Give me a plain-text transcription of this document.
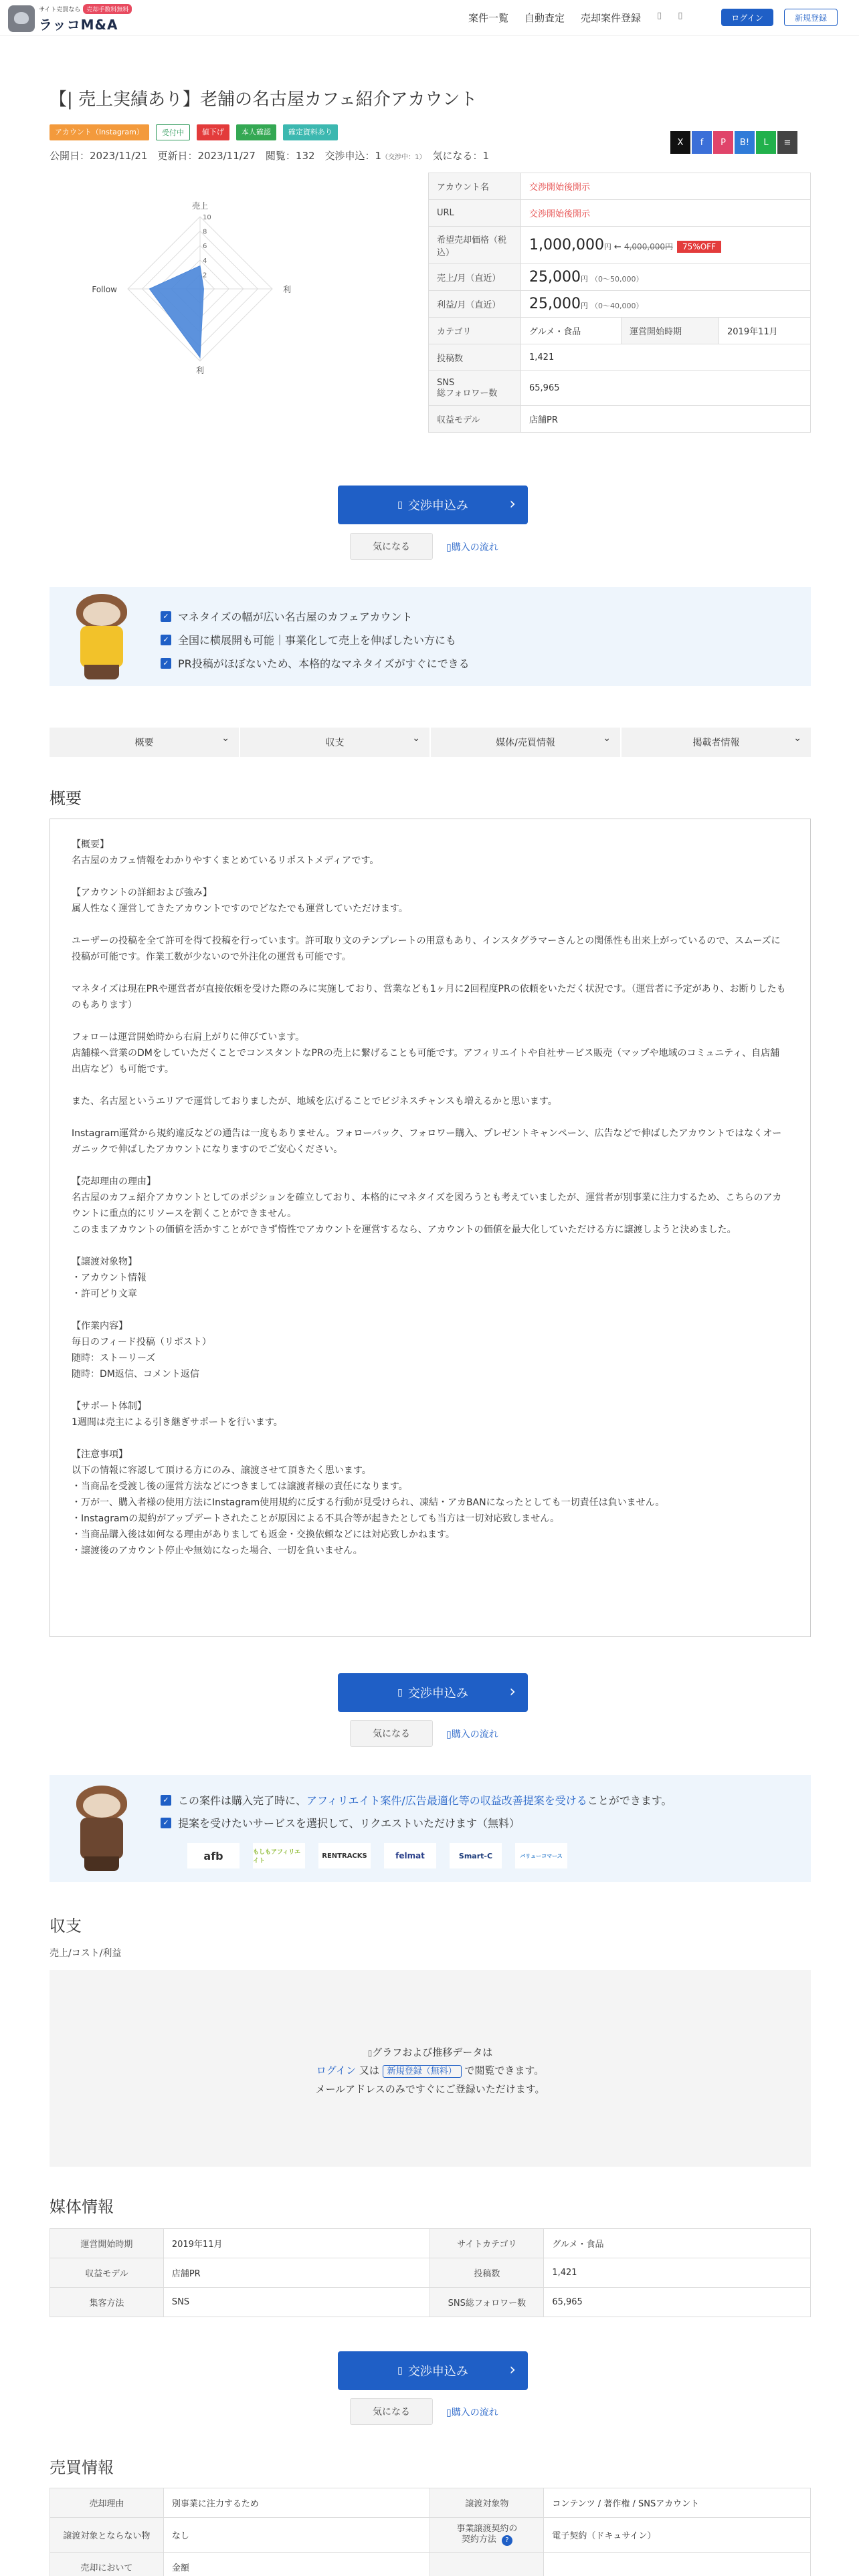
サイト売買なら	売却手数料無料
ラッコM&A	案件一覧 自動査定 売却案件登録 ▯ ▯	ログイン	新規登録
【| 売上実績あり】老舗の名古屋カフェ紹介アカウント
アカウント（Instagram）	受付中	値下げ	本人確認	確定資料あり
公開日：2023/11/21　更新日：2023/11/27　閲覧：132　交渉申込：1（交渉中：1）　気になる：1
X	f	P	B!	L	≡
2
4
6
8
10
売上
利
利
Follow
アカウント名	交渉開始後開示		
URL	交渉開始後開示		
希望売却価格（税込）	1,000,000円 ← 4,000,000円 75%OFF		
売上/月（直近）	25,000円 （0～50,000）		
利益/月（直近）	25,000円 （0～40,000）		
カテゴリ	グルメ・食品	運営開始時期	2019年11月
投稿数	1,421		
SNS
総フォロワー数	65,965		
収益モデル	店舗PR		
▯ 交渉申込み
›
気になる	▯購入の流れ
✓ マネタイズの幅が広い名古屋のカフェアカウント
✓ 全国に横展開も可能｜事業化して売上を伸ばしたい方にも
✓ PR投稿がほぼないため、本格的なマネタイズがすぐにできる
概要 ⌄	収支 ⌄	媒体/売買情報 ⌄	掲載者情報 ⌄
概要

【概要】
名古屋のカフェ情報をわかりやすくまとめているリポストメディアです。

【アカウントの詳細および強み】
属人性なく運営してきたアカウントですのでどなたでも運営していただけます。

ユーザーの投稿を全て許可を得て投稿を行っています。許可取り文のテンプレートの用意もあり、インスタグラマーさんとの関係性も出来上がっているので、スムーズに投稿が可能です。作業工数が少ないので外注化の運営も可能です。

マネタイズは現在PRや運営者が直接依頼を受けた際のみに実施しており、営業なども1ヶ月に2回程度PRの依頼をいただく状況です。（運営者に予定があり、お断りしたものもあります）

フォローは運営開始時から右肩上がりに伸びています。
店舗様へ営業のDMをしていただくことでコンスタントなPRの売上に繋げることも可能です。アフィリエイトや自社サービス販売（マップや地域のコミュニティ、自店舗出店など）も可能です。

また、名古屋というエリアで運営しておりましたが、地域を広げることでビジネスチャンスも増えるかと思います。

Instagram運営から規約違反などの通告は一度もありません。フォローバック、フォロワー購入、プレゼントキャンペーン、広告などで伸ばしたアカウントではなくオーガニックで伸ばしたアカウントになりますのでご安心ください。

【売却理由の理由】
名古屋のカフェ紹介アカウントとしてのポジションを確立しており、本格的にマネタイズを図ろうとも考えていましたが、運営者が別事業に注力するため、こちらのアカウントに重点的にリソースを割くことができません。
このままアカウントの価値を活かすことができず惰性でアカウントを運営するなら、アカウントの価値を最大化していただける方に譲渡しようと決めました。

【譲渡対象物】
・アカウント情報
・許可どり文章

【作業内容】
毎日のフィード投稿（リポスト）
随時：ストーリーズ
随時：DM返信、コメント返信

【サポート体制】
1週間は売主による引き継ぎサポートを行います。

【注意事項】
以下の情報に容認して頂ける方にのみ、譲渡させて頂きたく思います。
・当商品を受渡し後の運営方法などにつきましては譲渡者様の責任になります。
・万が一、購入者様の使用方法にInstagram使用規約に反する行動が見受けられ、凍結・アカBANになったとしても一切責任は負いません。
・Instagramの規約がアップデートされたことが原因による不具合等が起きたとしても当方は一切対応致しません。
・当商品購入後は如何なる理由がありましても返金・交換依頼などには対応致しかねます。
・譲渡後のアカウント停止や無効になった場合、一切を負いません。

▯ 交渉申込み
›
気になる	▯購入の流れ
✓ この案件は購入完了時に、 アフィリエイト案件/広告最適化等の収益改善提案を受ける ことができます。
✓ 提案を受けたいサービスを選択して、リクエストいただけます（無料）
afb	もしもアフィリエイト
RENTRACKS	felmat	Smart-C	バリューコマース
収支
売上/コスト/利益
▯グラフおよび推移データは
ログイン 又は 新規登録（無料） で閲覧できます。
メールアドレスのみですぐにご登録いただけます。
媒体情報
運営開始時期	2019年11月	サイトカテゴリ	グルメ・食品
収益モデル	店舗PR	投稿数	1,421
集客方法	SNS	SNS総フォロワー数	65,965
▯ 交渉申込み
›
気になる	▯購入の流れ
売買情報
売却理由	別事業に注力するため	譲渡対象物	コンテンツ / 著作権 / SNSアカウント
譲渡対象とならない物	なし	事業譲渡契約の
契約方法 ?	電子契約（ドキュサイン）
売却において	金額		
